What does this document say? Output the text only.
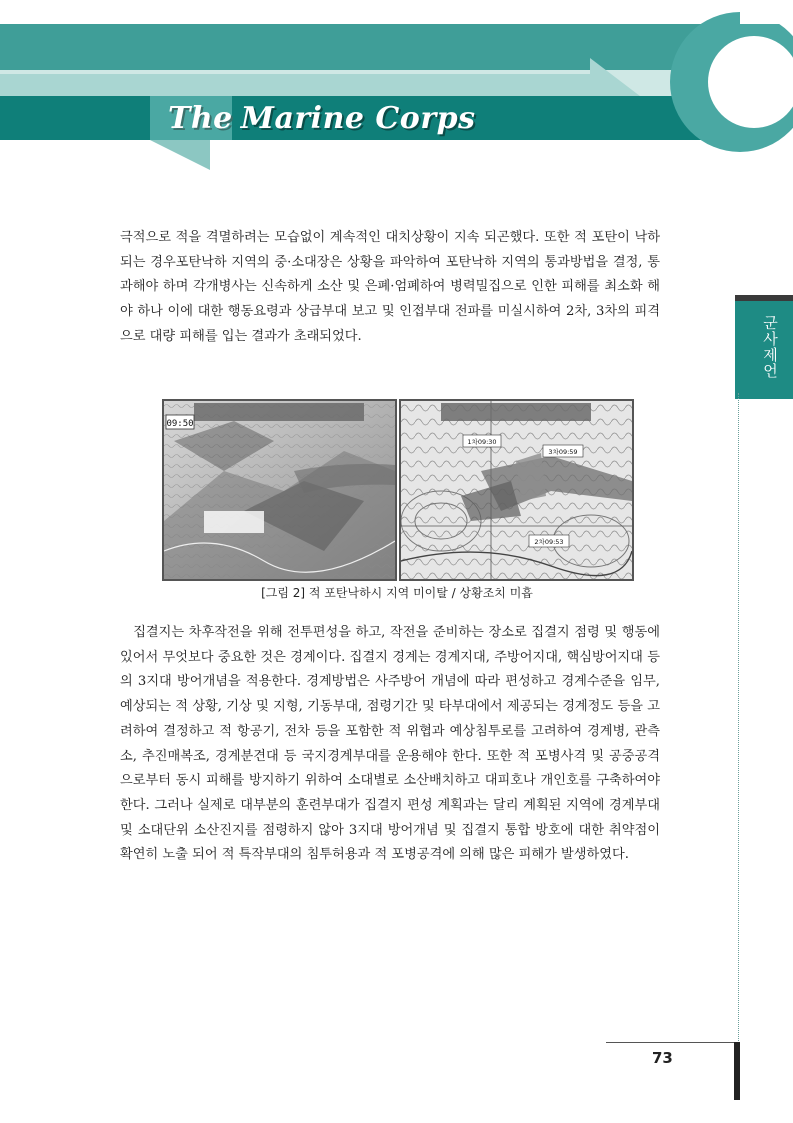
The Marine Corps
군사제언
극적으로 적을 격멸하려는 모습없이 계속적인 대치상황이 지속 되곤했다. 또한 적 포탄이 낙하되는 경우포탄낙하 지역의 중·소대장은 상황을 파악하여 포탄낙하 지역의 통과방법을 결정, 통과해야 하며 각개병사는 신속하게 소산 및 은폐·엄폐하여 병력밀집으로 인한 피해를 최소화 해야 하나 이에 대한 행동요령과 상급부대 보고 및 인접부대 전파를 미실시하여 2차, 3차의 피격으로 대량 피해를 입는 결과가 초래되었다.
09:50
1차09:30
3차09:59
2차09:53
[그림 2] 적 포탄낙하시 지역 미이탈 / 상황조치 미흡
집결지는 차후작전을 위해 전투편성을 하고, 작전을 준비하는 장소로 집결지 점령 및 행동에 있어서 무엇보다 중요한 것은 경계이다. 집결지 경계는 경계지대, 주방어지대, 핵심방어지대 등의 3지대 방어개념을 적용한다. 경계방법은 사주방어 개념에 따라 편성하고 경계수준을 임무, 예상되는 적 상황, 기상 및 지형, 기동부대, 점령기간 및 타부대에서 제공되는 경계정도 등을 고려하여 결정하고 적 항공기, 전차 등을 포함한 적 위협과 예상침투로를 고려하여 경계병, 관측소, 추진매복조, 경계분견대 등 국지경계부대를 운용해야 한다. 또한 적 포병사격 및 공중공격으로부터 동시 피해를 방지하기 위하여 소대별로 소산배치하고 대피호나 개인호를 구축하여야 한다. 그러나 실제로 대부분의 훈련부대가 집결지 편성 계획과는 달리 계획된 지역에 경계부대 및 소대단위 소산진지를 점령하지 않아 3지대 방어개념 및 집결지 통합 방호에 대한 취약점이 확연히 노출 되어 적 특작부대의 침투허용과 적 포병공격에 의해 많은 피해가 발생하였다.
73
